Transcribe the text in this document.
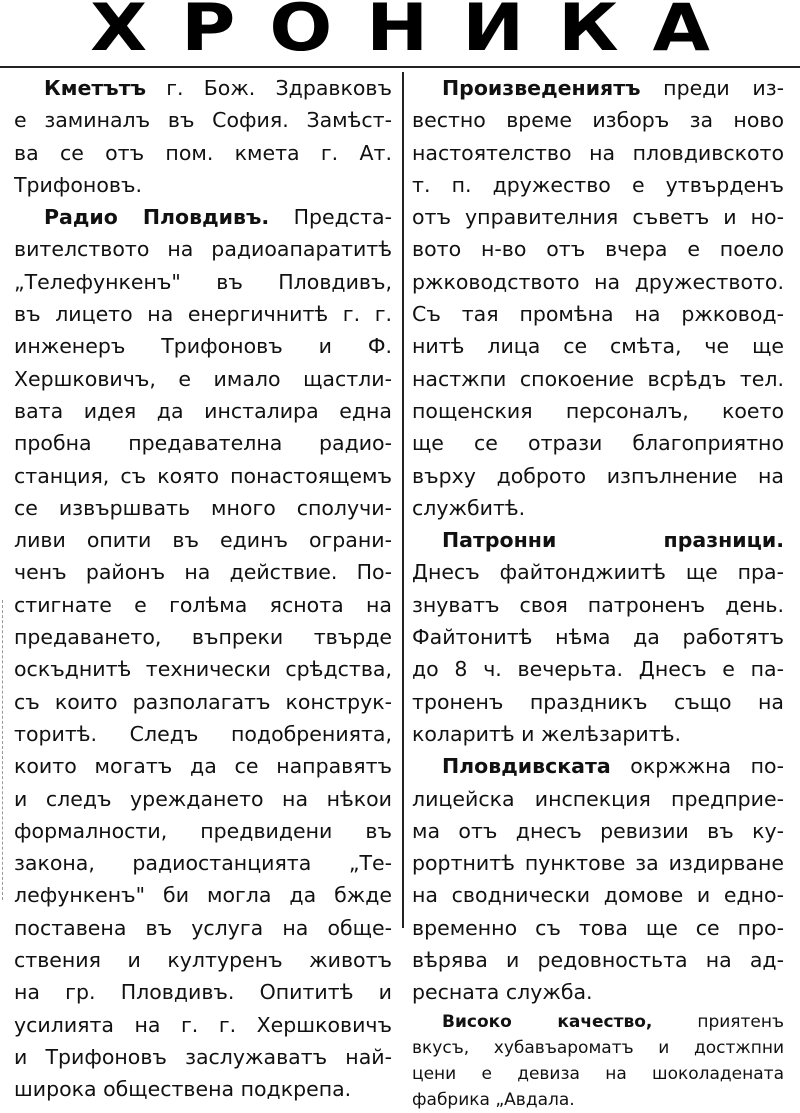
ХРОНИКА
Кметътъ г. Бож. Здравковъ
е заминалъ въ София. Замѣст-
ва се отъ пом. кмета г. Ат.
Трифоновъ.
Радио Пловдивъ. Предста-
вителството на радиоапаратитѣ
„Телефункенъ" въ Пловдивъ,
въ лицето на енергичнитѣ г. г.
инженеръ Трифоновъ и Ф.
Хершковичъ, е имало щастли-
вата идея да инсталира една
пробна предавателна радио-
станция, съ която понастоящемъ
се извършвать много сполучи-
ливи опити въ единъ ограни-
ченъ районъ на действие. По-
стигнате е голѣма яснота на
предаването, въпреки твърде
оскъднитѣ технически срѣдства,
съ които разполагатъ конструк-
торитѣ. Следъ подобренията,
които могатъ да се направятъ
и следъ уреждането на нѣкои
формалности, предвидени въ
закона, радиостанцията „Те-
лефункенъ" би могла да бжде
поставена въ услуга на обще-
ствения и културенъ животъ
на гр. Пловдивъ. Опититѣ и
усилията на г. г. Хершковичъ
и Трифоновъ заслужаватъ най-
широка обществена подкрепа.
Произведениятъ преди из-
вестно време изборъ за ново
настоятелство на пловдивското
т. п. дружество е утвърденъ
отъ управителния съветъ и но-
вото н-во отъ вчера е поело
ржководството на дружеството.
Съ тая промѣна на ржковод-
нитѣ лица се смѣта, че ще
настжпи спокоение всрѣдъ тел.
пощенския персоналъ, което
ще се отрази благоприятно
върху доброто изпълнение на
службитѣ.
Патронни празници.
Днесъ файтонджиитѣ ще пра-
знуватъ своя патроненъ день.
Файтонитѣ нѣма да работятъ
до 8 ч. вечерьта. Днесъ е па-
троненъ праздникъ също на
коларитѣ и желѣзаритѣ.
Пловдивската окржжна по-
лицейска инспекция предприе-
ма отъ днесъ ревизии въ ку-
рортнитѣ пунктове за издирване
на своднически домове и едно-
временно съ това ще се про-
вѣрява и редовностьта на ад-
ресната служба.
Високо качество, приятенъ
вкусъ, хубавъароматъ и достжпни
цени е девиза на шоколадената
фабрика „Авдала.
